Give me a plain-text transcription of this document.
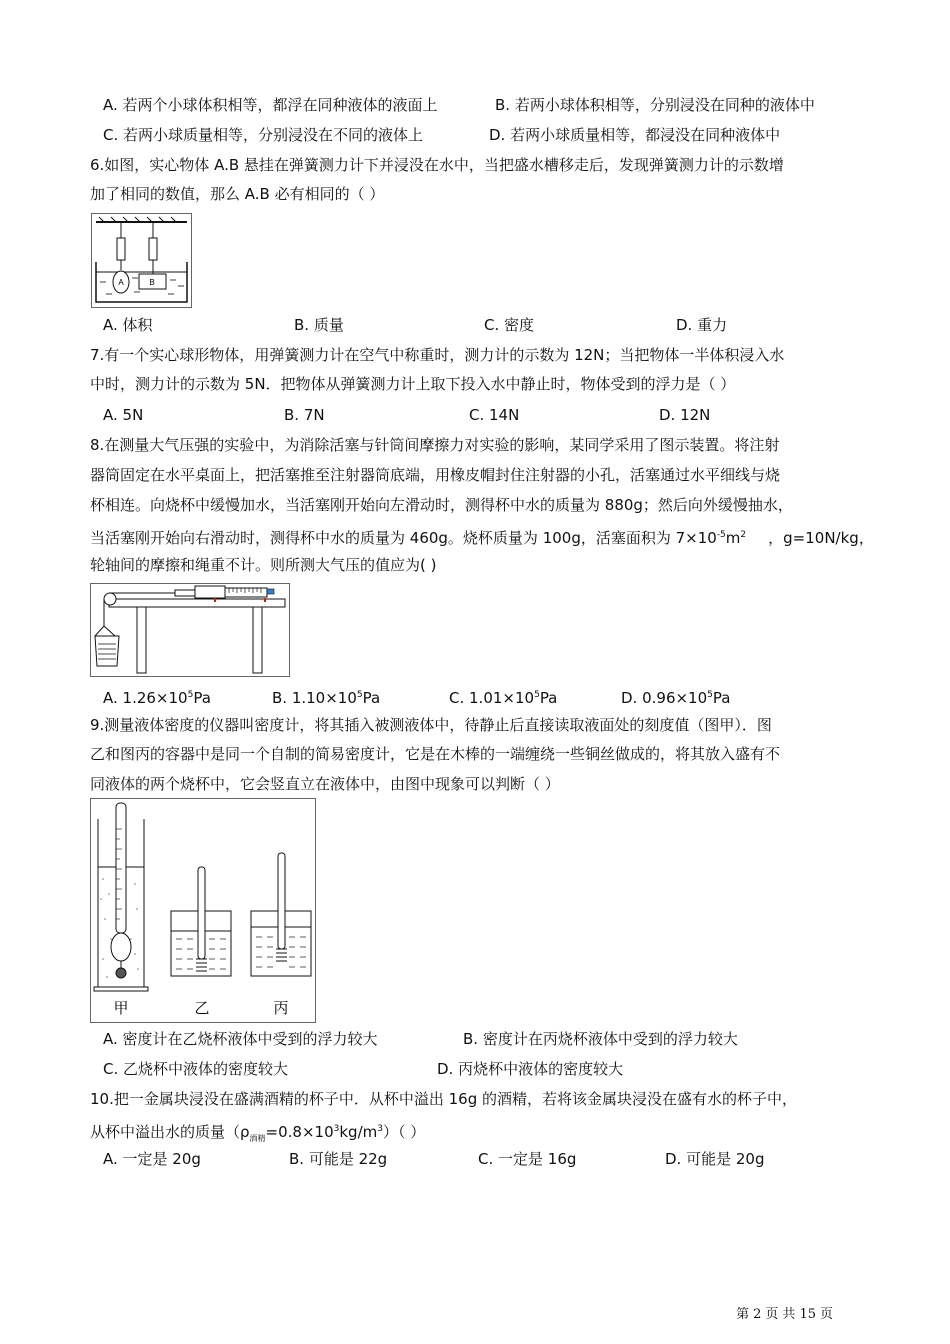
A. 若两个小球体积相等，都浮在同种液体的液面上	B. 若两小球体积相等，分别浸没在同种的液体中
C. 若两小球质量相等，分别浸没在不同的液体上	D. 若两小球质量相等，都浸没在同种液体中
6.如图，实心物体 A.B 悬挂在弹簧测力计下并浸没在水中，当把盛水槽移走后，发现弹簧测力计的示数增
加了相同的数值，那么 A.B 必有相同的（ ）
A	B
A. 体积	B. 质量	C. 密度	D. 重力
7.有一个实心球形物体，用弹簧测力计在空气中称重时，测力计的示数为 12N；当把物体一半体积浸入水
中时，测力计的示数为 5N．把物体从弹簧测力计上取下投入水中静止时，物体受到的浮力是（ ）
A. 5N	B. 7N	C. 14N	D. 12N
8.在测量大气压强的实验中，为消除活塞与针筒间摩擦力对实验的影响，某同学采用了图示装置。将注射
器筒固定在水平桌面上，把活塞推至注射器筒底端，用橡皮帽封住注射器的小孔，活塞通过水平细线与烧
杯相连。向烧杯中缓慢加水，当活塞刚开始向左滑动时，测得杯中水的质量为 880g；然后向外缓慢抽水，
当活塞刚开始向右滑动时，测得杯中水的质量为 460g。烧杯质量为 100g，活塞面积为 $7\times 10^{-5}m^2$ ，g=10N/kg，
轮轴间的摩擦和绳重不计。则所测大气压的值应为( )
A. $1.26\times 10^5Pa$	B. $1.10\times 10^5Pa$	C. $1.01\times 10^5Pa$	D. $0.96\times 10^5Pa$
9.测量液体密度的仪器叫密度计，将其插入被测液体中，待静止后直接读取液面处的刻度值（图甲）．图
乙和图丙的容器中是同一个自制的简易密度计，它是在木棒的一端缠绕一些铜丝做成的，将其放入盛有不
同液体的两个烧杯中，它会竖直立在液体中，由图中现象可以判断（ ）
甲	乙	丙
A. 密度计在乙烧杯液体中受到的浮力较大	B. 密度计在丙烧杯液体中受到的浮力较大
C. 乙烧杯中液体的密度较大	D. 丙烧杯中液体的密度较大
10.把一金属块浸没在盛满酒精的杯子中．从杯中溢出 16g 的酒精，若将该金属块浸没在盛有水的杯子中，
从杯中溢出水的质量$(\rho_{酒精}=0.8\times 10^3kg/m^3)$（ ）
A. 一定是 20g	B. 可能是 22g	C. 一定是 16g	D. 可能是 20g
第 2 页 共 15 页
